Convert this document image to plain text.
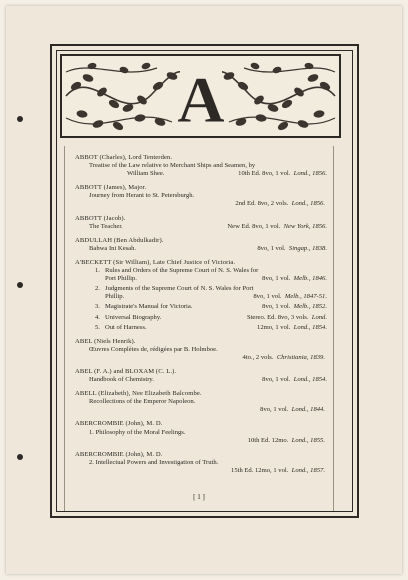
A
ABBOT (Charles), Lord Tenterden.
Treatise of the Law relative to Merchant Ships and Seamen, by
William Shee.	10th Ed. 8vo, 1 vol. Lond., 1856.
ABBOTT (James), Major.
Journey from Herant to St. Petersburgh.
2nd Ed. 8vo, 2 vols. Lond., 1856.
ABBOTT (Jacob).
The Teacher.	New Ed. 8vo, 1 vol. New York, 1856.
ABDULLAH (Ben Abdulkadir).
Bahwa Ini Kesah.	8vo, 1 vol. Singap., 1838.
A'BECKETT (Sir William), Late Chief Justice of Victoria.
1. Rules and Orders of the Supreme Court of N. S. Wales for
Port Phillip.	8vo, 1 vol. Melb., 1846.
2. Judgments of the Supreme Court of N. S. Wales for Port
Phillip.	8vo, 1 vol. Melb., 1847-51.
3. Magistrate's Manual for Victoria.	8vo, 1 vol. Melb., 1852.
4. Universal Biography.	Stereo. Ed. 8vo, 3 vols. Lond.
5. Out of Harness.	12mo, 1 vol. Lond., 1854.
ABEL (Niels Henrik).
Œuvres Complètes de, rédigées par B. Holmboe.
4to., 2 vols. Christiania, 1839.
ABEL (F. A.) and BLOXAM (C. L.).
Handbook of Chemistry.	8vo, 1 vol. Lond., 1854.
ABELL (Elizabeth), Nee Elizabeth Balcombe.
Recollections of the Emperor Napoleon.
8vo, 1 vol. Lond., 1844.
ABERCROMBIE (John), M. D.
1. Philosophy of the Moral Feelings.
10th Ed. 12mo. Lond., 1855.
ABERCROMBIE (John), M. D.
2. Intellectual Powers and Investigation of Truth.
15th Ed. 12mo, 1 vol. Lond., 1857.
[ 1 ]
